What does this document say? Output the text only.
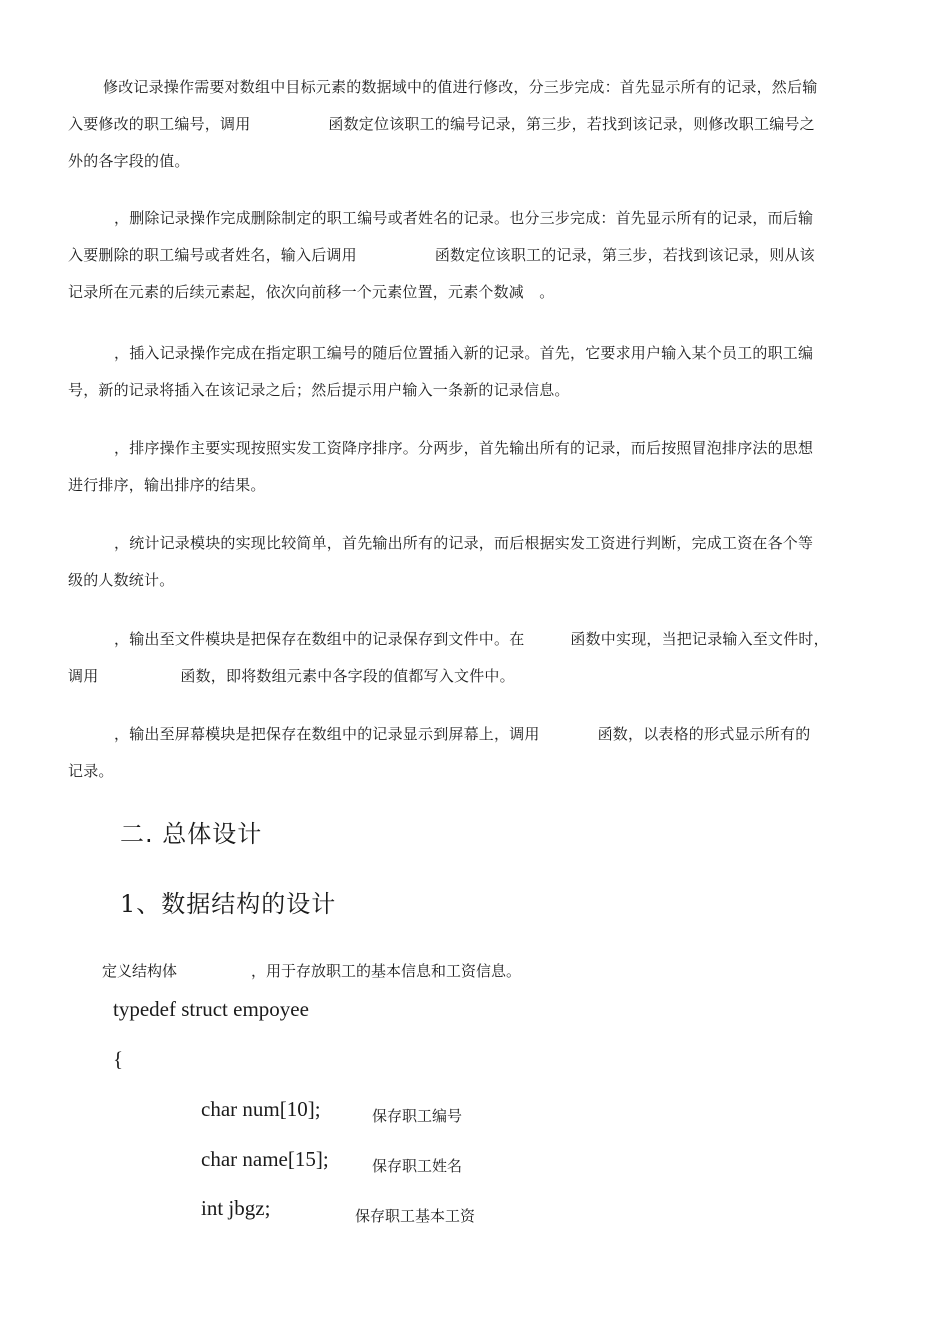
修改记录操作需要对数组中目标元素的数据域中的值进行修改，分三步完成：首先显示所有的记录，然后输
入要修改的职工编号，调用	函数定位该职工的编号记录，第三步，若找到该记录，则修改职工编号之
外的各字段的值。
，删除记录操作完成删除制定的职工编号或者姓名的记录。也分三步完成：首先显示所有的记录，而后输
入要删除的职工编号或者姓名，输入后调用	函数定位该职工的记录，第三步，若找到该记录，则从该
记录所在元素的后续元素起，依次向前移一个元素位置，元素个数减　。
，插入记录操作完成在指定职工编号的随后位置插入新的记录。首先，它要求用户输入某个员工的职工编
号，新的记录将插入在该记录之后；然后提示用户输入一条新的记录信息。
，排序操作主要实现按照实发工资降序排序。分两步，首先输出所有的记录，而后按照冒泡排序法的思想
进行排序，输出排序的结果。
，统计记录模块的实现比较简单，首先输出所有的记录，而后根据实发工资进行判断，完成工资在各个等
级的人数统计。
，输出至文件模块是把保存在数组中的记录保存到文件中。在	函数中实现，当把记录输入至文件时，
调用	函数，即将数组元素中各字段的值都写入文件中。
，输出至屏幕模块是把保存在数组中的记录显示到屏幕上，调用	函数，以表格的形式显示所有的
记录。
二. 总体设计
1、数据结构的设计
定义结构体	，用于存放职工的基本信息和工资信息。
typedef struct empoyee
{
char num[10];	保存职工编号
char name[15];	保存职工姓名
int jbgz;	保存职工基本工资
